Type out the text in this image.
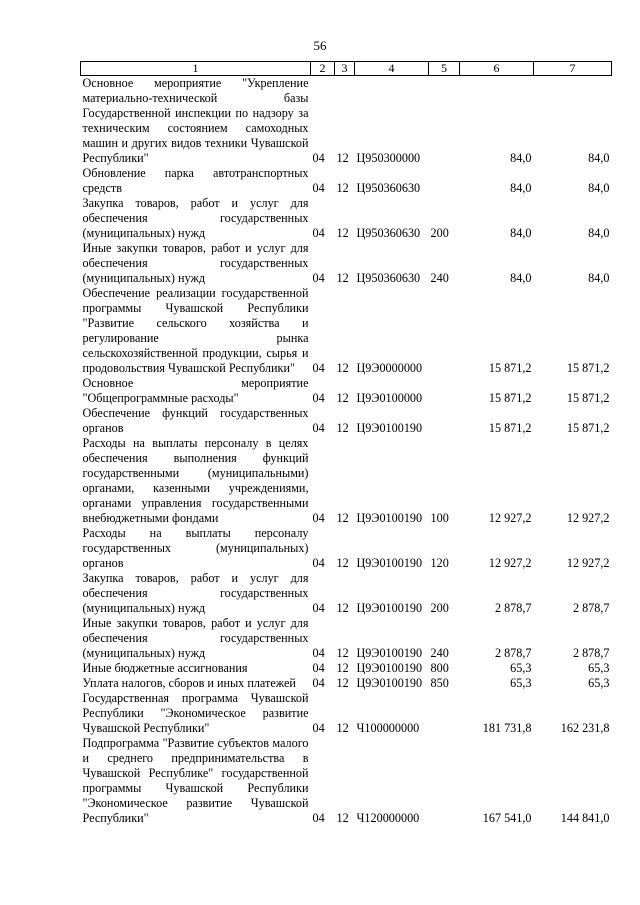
56
1	2	3	4	5	6	7
Основное мероприятие "Укрепление материально-технической базы Государственной инспекции по надзору за техническим состоянием самоходных машин и других видов техники Чувашской Республики"	04	12	Ц950300000		84,0	84,0
Обновление парка автотранспортных средств	04	12	Ц950360630		84,0	84,0
Закупка товаров, работ и услуг для обеспечения государственных (муниципальных) нужд	04	12	Ц950360630	200	84,0	84,0
Иные закупки товаров, работ и услуг для обеспечения государственных (муниципальных) нужд	04	12	Ц950360630	240	84,0	84,0
Обеспечение реализации государственной программы Чувашской Республики "Развитие сельского хозяйства и регулирование рынка сельскохозяйственной продукции, сырья и продовольствия Чувашской Республики"	04	12	Ц9Э0000000		15 871,2	15 871,2
Основное мероприятие "Общепрограммные расходы"	04	12	Ц9Э0100000		15 871,2	15 871,2
Обеспечение функций государственных органов	04	12	Ц9Э0100190		15 871,2	15 871,2
Расходы на выплаты персоналу в целях обеспечения выполнения функций государственными (муниципальными) органами, казенными учреждениями, органами управления государственными внебюджетными фондами	04	12	Ц9Э0100190	100	12 927,2	12 927,2
Расходы на выплаты персоналу государственных (муниципальных) органов	04	12	Ц9Э0100190	120	12 927,2	12 927,2
Закупка товаров, работ и услуг для обеспечения государственных (муниципальных) нужд	04	12	Ц9Э0100190	200	2 878,7	2 878,7
Иные закупки товаров, работ и услуг для обеспечения государственных (муниципальных) нужд	04	12	Ц9Э0100190	240	2 878,7	2 878,7
Иные бюджетные ассигнования	04	12	Ц9Э0100190	800	65,3	65,3
Уплата налогов, сборов и иных платежей	04	12	Ц9Э0100190	850	65,3	65,3
Государственная программа Чувашской Республики "Экономическое развитие Чувашской Республики"	04	12	Ч100000000		181 731,8	162 231,8
Подпрограмма "Развитие субъектов малого и среднего предпринимательства в Чувашской Республике" государственной программы Чувашской Республики "Экономическое развитие Чувашской Республики"	04	12	Ч120000000		167 541,0	144 841,0
